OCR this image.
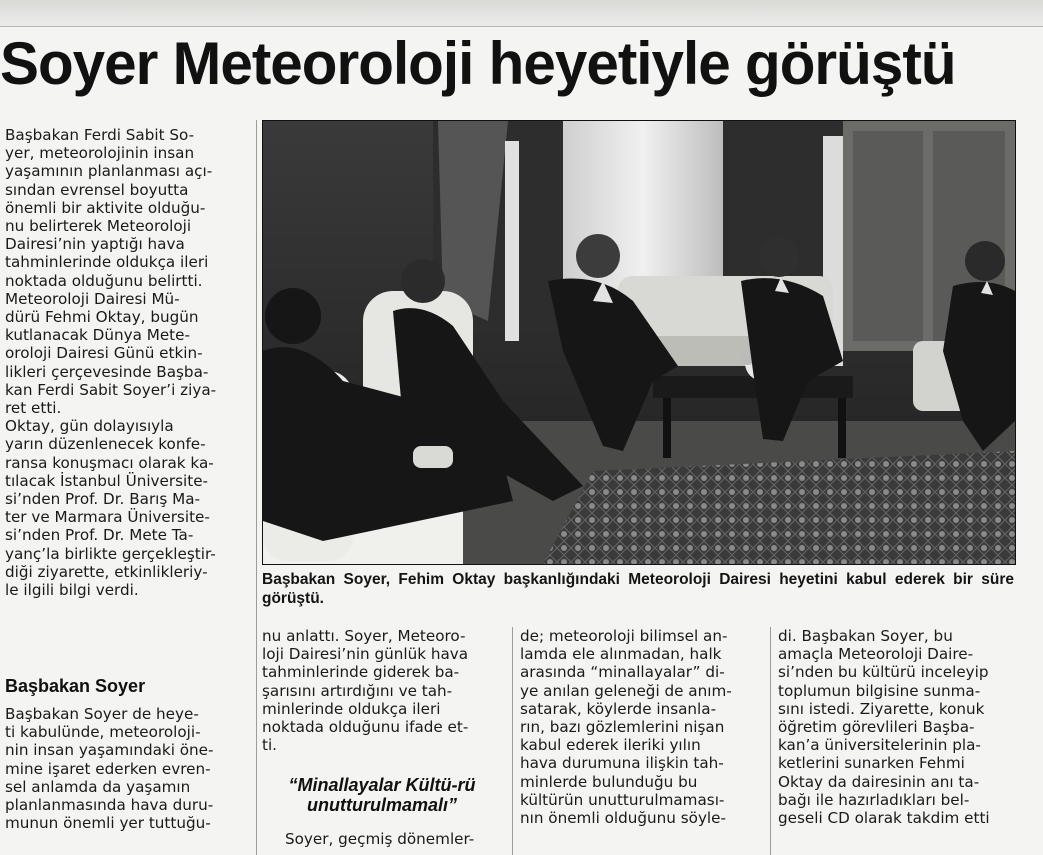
Soyer Meteoroloji heyetiyle görüştü
Başbakan Ferdi Sabit So-
yer, meteorolojinin insan
yaşamının planlanması açı-
sından evrensel boyutta
önemli bir aktivite olduğu-
nu belirterek Meteoroloji
Dairesi’nin yaptığı hava
tahminlerinde oldukça ileri
noktada olduğunu belirtti.
Meteoroloji Dairesi Mü-
dürü Fehmi Oktay, bugün
kutlanacak Dünya Mete-
oroloji Dairesi Günü etkin-
likleri çerçevesinde Başba-
kan Ferdi Sabit Soyer’i ziya-
ret etti.
Oktay, gün dolayısıyla
yarın düzenlenecek konfe-
ransa konuşmacı olarak ka-
tılacak İstanbul Üniversite-
si’nden Prof. Dr. Barış Ma-
ter ve Marmara Üniversite-
si’nden Prof. Dr. Mete Ta-
yanç’la birlikte gerçekleştir-
diği ziyarette, etkinlikleriy-
le ilgili bilgi verdi.
Başbakan Soyer
Başbakan Soyer de heye-
ti kabulünde, meteoroloji-
nin insan yaşamındaki öne-
mine işaret ederken evren-
sel anlamda da yaşamın
planlanmasında hava duru-
munun önemli yer tuttuğu-
Başbakan Soyer, Fehim Oktay başkanlığındaki Meteoroloji Dairesi heyetini kabul ederek bir süre görüştü.
nu anlattı. Soyer, Meteoro-
loji Dairesi’nin günlük hava
tahminlerinde giderek ba-
şarısını artırdığını ve tah-
minlerinde oldukça ileri
noktada olduğunu ifade et-
ti.
“Minallayalar Kültü-rü unutturulmamalı”
Soyer, geçmiş dönemler-
de; meteoroloji bilimsel an-
lamda ele alınmadan, halk
arasında “minallayalar” di-
ye anılan geleneği de anım-
satarak, köylerde insanla-
rın, bazı gözlemlerini nişan
kabul ederek ileriki yılın
hava durumuna ilişkin tah-
minlerde bulunduğu bu
kültürün unutturulmaması-
nın önemli olduğunu söyle-
di. Başbakan Soyer, bu
amaçla Meteoroloji Daire-
si’nden bu kültürü inceleyip
toplumun bilgisine sunma-
sını istedi. Ziyarette, konuk
öğretim görevlileri Başba-
kan’a üniversitelerinin pla-
ketlerini sunarken Fehmi
Oktay da dairesinin anı ta-
bağı ile hazırladıkları bel-
geseli CD olarak takdim etti
